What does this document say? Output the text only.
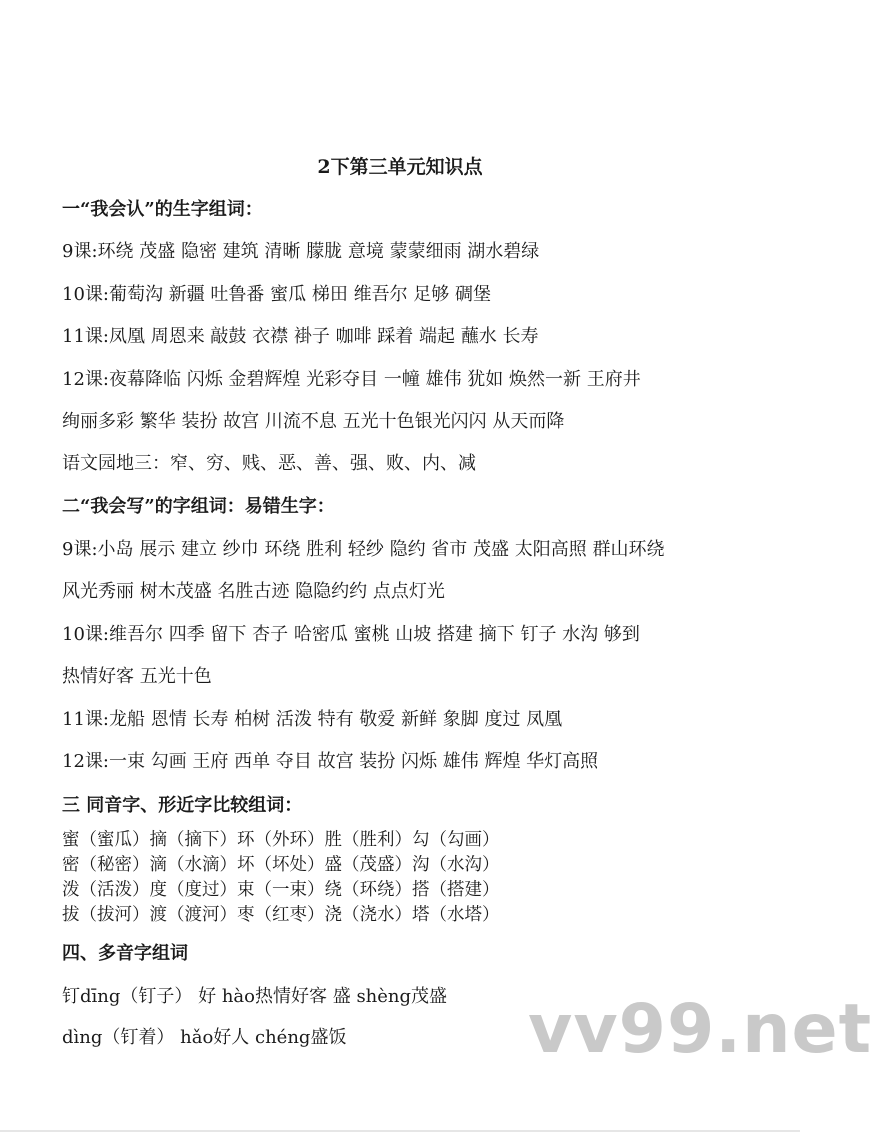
2下第三单元知识点
一“我会认”的生字组词：
9课:环绕 茂盛 隐密 建筑 清晰 朦胧 意境 蒙蒙细雨 湖水碧绿
10课:葡萄沟 新疆 吐鲁番 蜜瓜 梯田 维吾尔 足够 碉堡
11课:凤凰 周恩来 敲鼓 衣襟 褂子 咖啡 踩着 端起 蘸水 长寿
12课:夜幕降临 闪烁 金碧辉煌 光彩夺目 一幢 雄伟 犹如 焕然一新 王府井
绚丽多彩 繁华 装扮 故宫 川流不息 五光十色银光闪闪 从天而降
语文园地三：窄、穷、贱、恶、善、强、败、内、减
二“我会写”的字组词：易错生字：
9课:小岛 展示 建立 纱巾 环绕 胜利 轻纱 隐约 省市 茂盛 太阳高照 群山环绕
风光秀丽 树木茂盛 名胜古迹 隐隐约约 点点灯光
10课:维吾尔 四季 留下 杏子 哈密瓜 蜜桃 山坡 搭建 摘下 钉子 水沟 够到
热情好客 五光十色
11课:龙船 恩情 长寿 柏树 活泼 特有 敬爱 新鲜 象脚 度过 凤凰
12课:一束 勾画 王府 西单 夺目 故宫 装扮 闪烁 雄伟 辉煌 华灯高照
三 同音字、形近字比较组词：
蜜（蜜瓜）摘（摘下）环（外环）胜（胜利）勾（勾画）
密（秘密）滴（水滴）坏（坏处）盛（茂盛）沟（水沟）
泼（活泼）度（度过）束（一束）绕（环绕）搭（搭建）
拔（拔河）渡（渡河）枣（红枣）浇（浇水）塔（水塔）
四、多音字组词
钉dīng（钉子） 好 hào热情好客 盛 shèng茂盛
dìng（钉着） hǎo好人 chéng盛饭	vv99.net
